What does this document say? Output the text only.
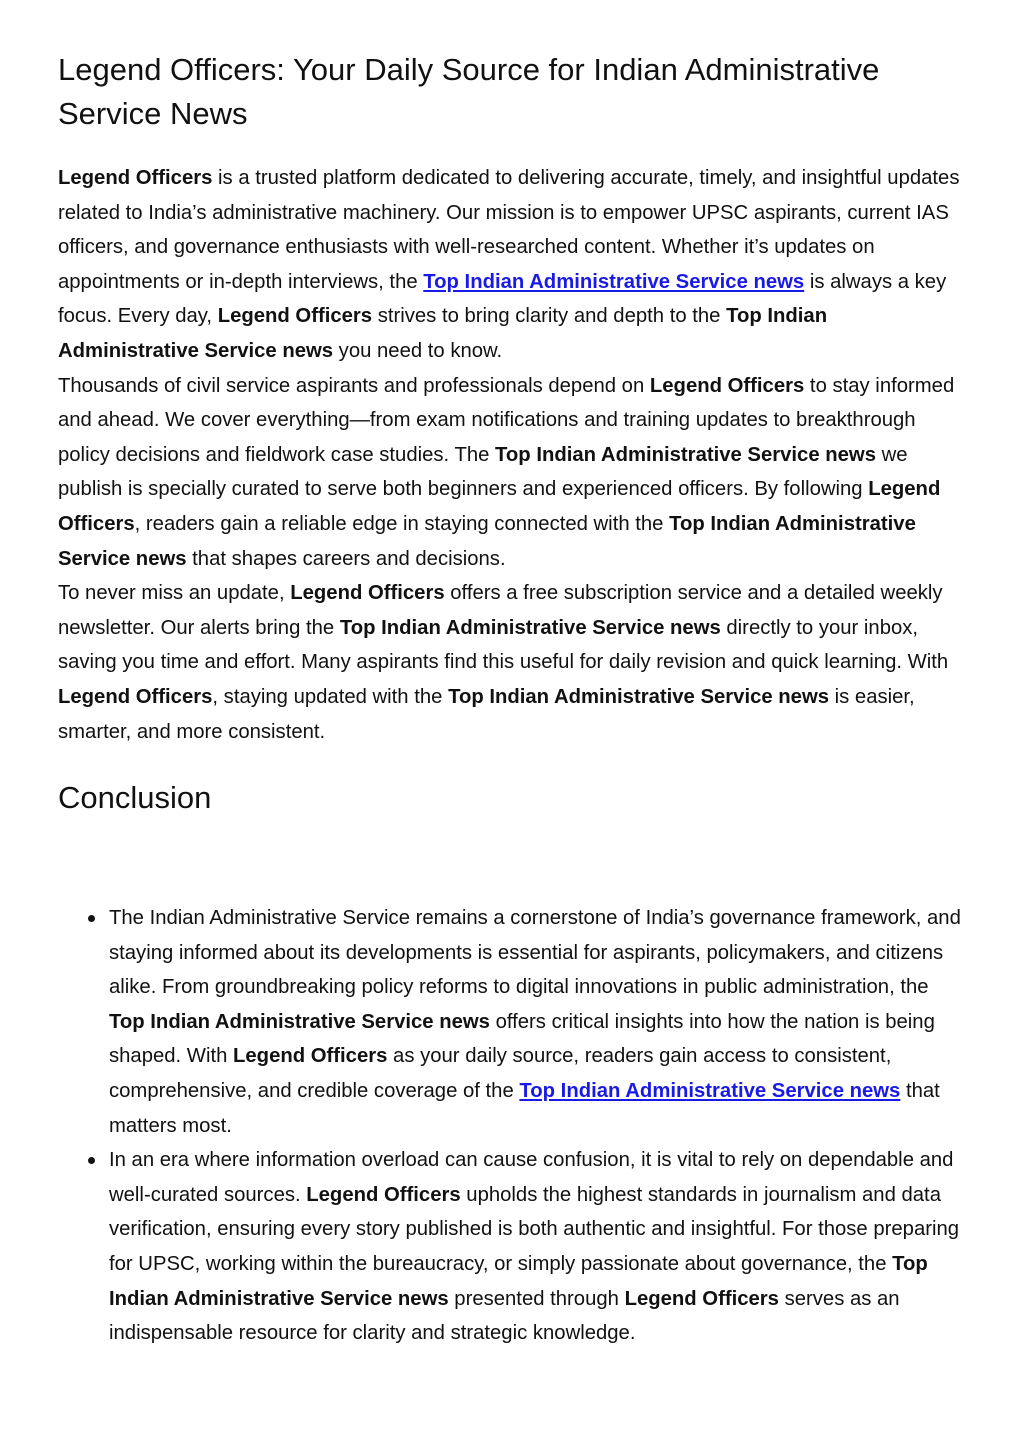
Legend Officers: Your Daily Source for Indian Administrative Service News

Legend Officers is a trusted platform dedicated to delivering accurate, timely, and insightful updates related to India’s administrative machinery. Our mission is to empower UPSC aspirants, current IAS officers, and governance enthusiasts with well-researched content. Whether it’s updates on appointments or in-depth interviews, the Top Indian Administrative Service news is always a key focus. Every day, Legend Officers strives to bring clarity and depth to the Top Indian Administrative Service news you need to know.

Thousands of civil service aspirants and professionals depend on Legend Officers to stay informed and ahead. We cover everything—from exam notifications and training updates to breakthrough policy decisions and fieldwork case studies. The Top Indian Administrative Service news we publish is specially curated to serve both beginners and experienced officers. By following Legend Officers, readers gain a reliable edge in staying connected with the Top Indian Administrative Service news that shapes careers and decisions.

To never miss an update, Legend Officers offers a free subscription service and a detailed weekly newsletter. Our alerts bring the Top Indian Administrative Service news directly to your inbox, saving you time and effort. Many aspirants find this useful for daily revision and quick learning. With Legend Officers, staying updated with the Top Indian Administrative Service news is easier, smarter, and more consistent.

Conclusion
The Indian Administrative Service remains a cornerstone of India’s governance framework, and staying informed about its developments is essential for aspirants, policymakers, and citizens alike. From groundbreaking policy reforms to digital innovations in public administration, the Top Indian Administrative Service news offers critical insights into how the nation is being shaped. With Legend Officers as your daily source, readers gain access to consistent, comprehensive, and credible coverage of the Top Indian Administrative Service news that matters most.
In an era where information overload can cause confusion, it is vital to rely on dependable and well-curated sources. Legend Officers upholds the highest standards in journalism and data verification, ensuring every story published is both authentic and insightful. For those preparing for UPSC, working within the bureaucracy, or simply passionate about governance, the Top Indian Administrative Service news presented through Legend Officers serves as an indispensable resource for clarity and strategic knowledge.
